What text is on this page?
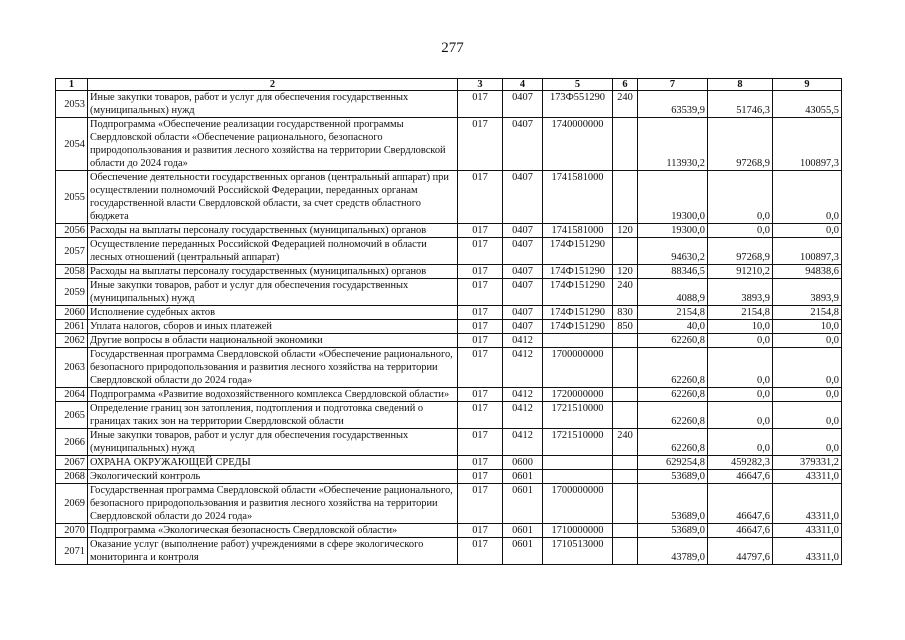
277
1	2	3	4	5	6	7	8	9
2053	Иные закупки товаров, работ и услуг для обеспечения государственных (муниципальных) нужд	017	0407	173Ф551290	240	63539,9	51746,3	43055,5
2054	Подпрограмма «Обеспечение реализации государственной программы Свердловской области «Обеспечение рационального, безопасного природопользования и развития лесного хозяйства на территории Свердловской области до 2024 года»	017	0407	1740000000		113930,2	97268,9	100897,3
2055	Обеспечение деятельности государственных органов (центральный аппарат) при осуществлении полномочий Российской Федерации, переданных органам государственной власти Свердловской области, за счет средств областного бюджета	017	0407	1741581000		19300,0	0,0	0,0
2056	Расходы на выплаты персоналу государственных (муниципальных) органов	017	0407	1741581000	120	19300,0	0,0	0,0
2057	Осуществление переданных Российской Федерацией полномочий в области лесных отношений (центральный аппарат)	017	0407	174Ф151290		94630,2	97268,9	100897,3
2058	Расходы на выплаты персоналу государственных (муниципальных) органов	017	0407	174Ф151290	120	88346,5	91210,2	94838,6
2059	Иные закупки товаров, работ и услуг для обеспечения государственных (муниципальных) нужд	017	0407	174Ф151290	240	4088,9	3893,9	3893,9
2060	Исполнение судебных актов	017	0407	174Ф151290	830	2154,8	2154,8	2154,8
2061	Уплата налогов, сборов и иных платежей	017	0407	174Ф151290	850	40,0	10,0	10,0
2062	Другие вопросы в области национальной экономики	017	0412			62260,8	0,0	0,0
2063	Государственная программа Свердловской области «Обеспечение рационального, безопасного природопользования и развития лесного хозяйства на территории Свердловской области до 2024 года»	017	0412	1700000000		62260,8	0,0	0,0
2064	Подпрограмма «Развитие водохозяйственного комплекса Свердловской области»	017	0412	1720000000		62260,8	0,0	0,0
2065	Определение границ зон затопления, подтопления и подготовка сведений о границах таких зон на территории Свердловской области	017	0412	1721510000		62260,8	0,0	0,0
2066	Иные закупки товаров, работ и услуг для обеспечения государственных (муниципальных) нужд	017	0412	1721510000	240	62260,8	0,0	0,0
2067	ОХРАНА ОКРУЖАЮЩЕЙ СРЕДЫ	017	0600			629254,8	459282,3	379331,2
2068	Экологический контроль	017	0601			53689,0	46647,6	43311,0
2069	Государственная программа Свердловской области «Обеспечение рационального, безопасного природопользования и развития лесного хозяйства на территории Свердловской области до 2024 года»	017	0601	1700000000		53689,0	46647,6	43311,0
2070	Подпрограмма «Экологическая безопасность Свердловской области»	017	0601	1710000000		53689,0	46647,6	43311,0
2071	Оказание услуг (выполнение работ) учреждениями в сфере экологического мониторинга и контроля	017	0601	1710513000		43789,0	44797,6	43311,0
